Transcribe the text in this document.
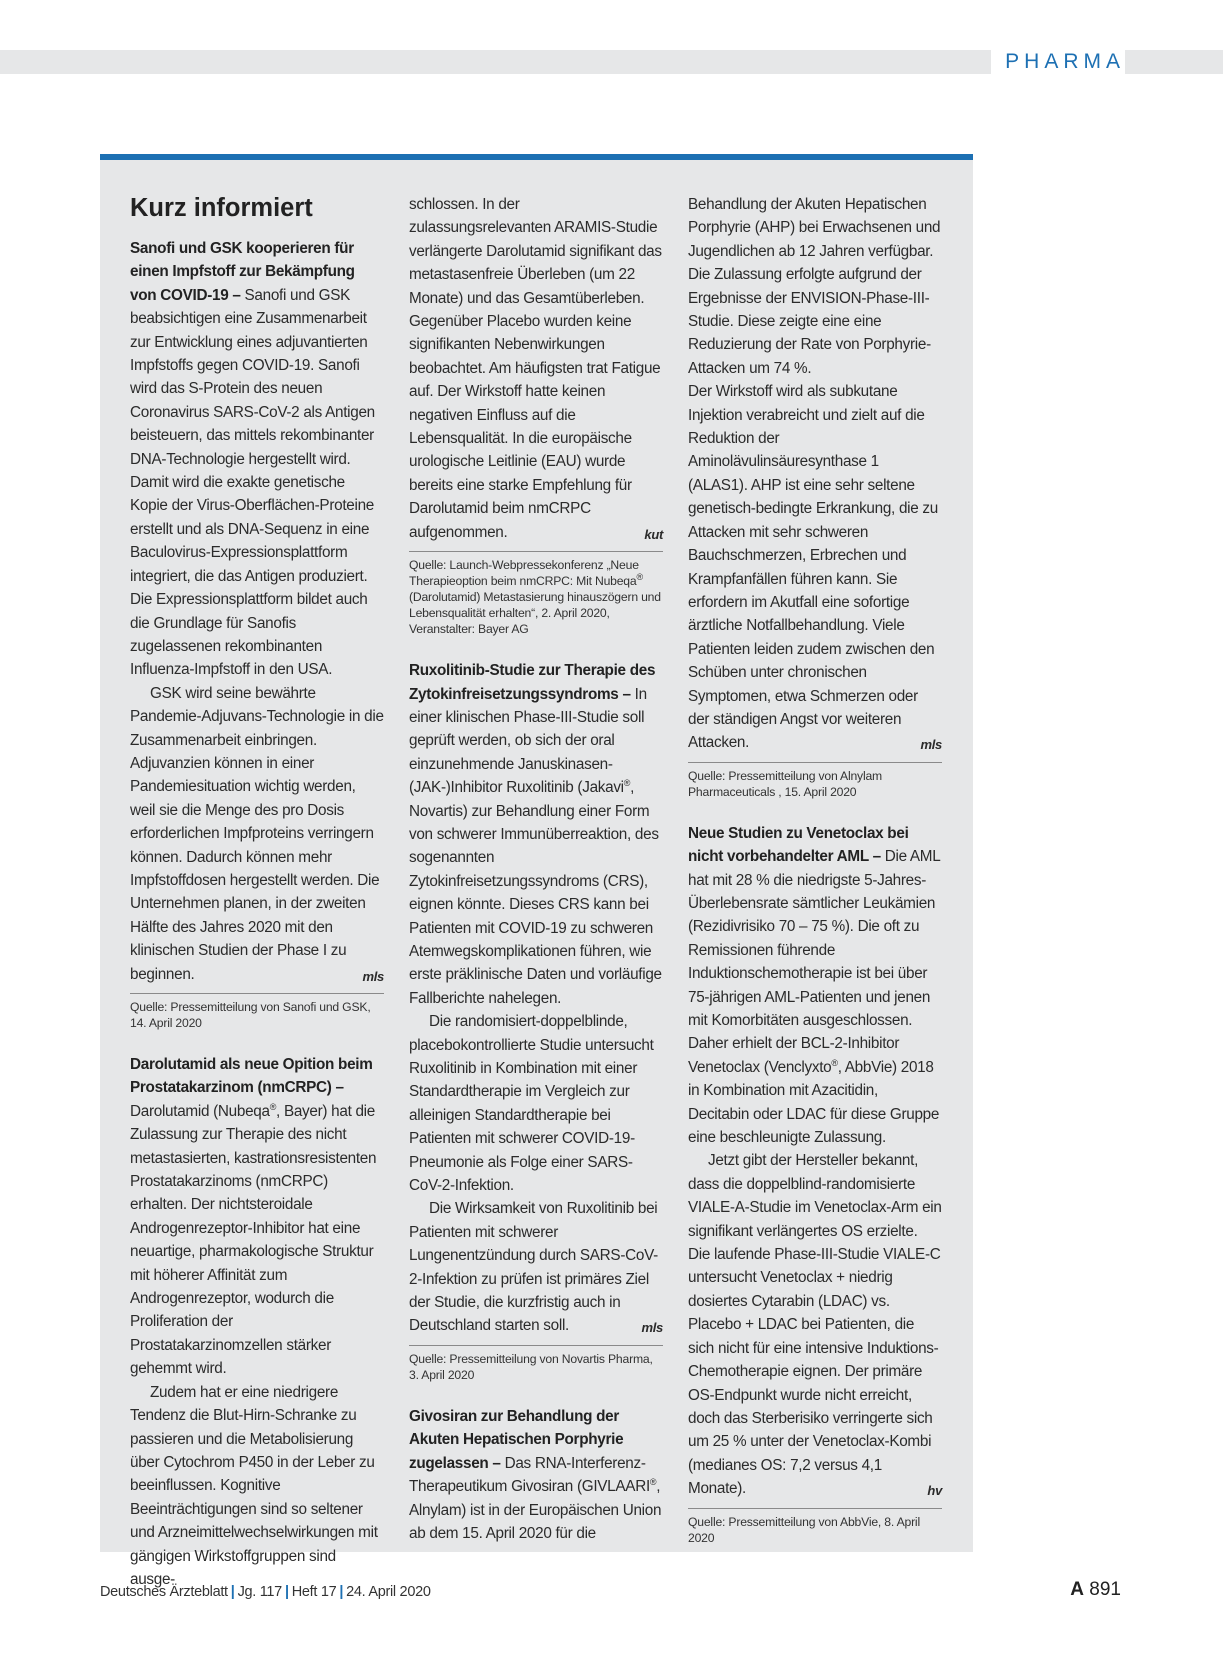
PHARMA
Kurz informiert

Sanofi und GSK kooperieren für einen Impfstoff zur Bekämpfung von COVID-19 – Sanofi und GSK beabsichtigen eine Zusammenarbeit zur Entwicklung eines adjuvantierten Impfstoffs gegen COVID-19. Sanofi wird das S-Protein des neuen Coronavirus SARS-CoV-2 als Antigen beisteuern, das mittels rekombinanter DNA-Technologie hergestellt wird. Damit wird die exakte genetische Kopie der Virus-Oberflächen-Proteine erstellt und als DNA-Sequenz in eine Baculovirus-Expressionsplattform integriert, die das Antigen produziert. Die Expressionsplattform bildet auch die Grundlage für Sanofis zugelassenen rekombinanten Influenza-Impfstoff in den USA.

GSK wird seine bewährte Pandemie-Adjuvans-Technologie in die Zusammenarbeit einbringen. Adjuvanzien können in einer Pandemiesituation wichtig werden, weil sie die Menge des pro Dosis erforderlichen Impfproteins verringern können. Dadurch können mehr Impfstoffdosen hergestellt werden. Die Unternehmen planen, in der zweiten Hälfte des Jahres 2020 mit den klinischen Studien der Phase I zu beginnen.	mls

Quelle: Pressemitteilung von Sanofi und GSK, 14. April 2020

Darolutamid als neue Opition beim Prostatakarzinom (nmCRPC) – Darolutamid (Nubeqa®, Bayer) hat die Zulassung zur Therapie des nicht metastasierten, kastrationsresistenten Prostatakarzinoms (nmCRPC) erhalten. Der nichtsteroidale Androgenrezeptor-Inhibitor hat eine neuartige, pharmakologische Struktur mit höherer Affinität zum Androgenrezeptor, wodurch die Proliferation der Prostatakarzinomzellen stärker gehemmt wird.

Zudem hat er eine niedrigere Tendenz die Blut-Hirn-Schranke zu passieren und die Metabolisierung über Cytochrom P450 in der Leber zu beeinflussen. Kognitive Beeinträchtigungen sind so seltener und Arzneimittelwechselwirkungen mit gängigen Wirkstoffgruppen sind ausge-

schlossen. In der zulassungsrelevanten ARAMIS-Studie verlängerte Darolutamid signifikant das metastasenfreie Überleben (um 22 Monate) und das Gesamtüberleben. Gegenüber Placebo wurden keine signifikanten Nebenwirkungen beobachtet. Am häufigsten trat Fatigue auf. Der Wirkstoff hatte keinen negativen Einfluss auf die Lebensqualität. In die europäische urologische Leitlinie (EAU) wurde bereits eine starke Empfehlung für Darolutamid beim nmCRPC aufgenommen.	kut

Quelle: Launch-Webpressekonferenz „Neue Therapieoption beim nmCRPC: Mit Nubeqa® (Darolutamid) Metastasierung hinauszögern und Lebensqualität erhalten“, 2. April 2020, Veranstalter: Bayer AG

Ruxolitinib-Studie zur Therapie des Zytokinfreisetzungssyndroms – In einer klinischen Phase-III-Studie soll geprüft werden, ob sich der oral einzunehmende Januskinasen-(JAK-)Inhibitor Ruxolitinib (Jakavi®, Novartis) zur Behandlung einer Form von schwerer Immunüberreaktion, des sogenannten Zytokinfreisetzungssyndroms (CRS), eignen könnte. Dieses CRS kann bei Patienten mit COVID-19 zu schweren Atemwegskomplikationen führen, wie erste präklinische Daten und vorläufige Fallberichte nahelegen.

Die randomisiert-doppelblinde, placebokontrollierte Studie untersucht Ruxolitinib in Kombination mit einer Standardtherapie im Vergleich zur alleinigen Standardtherapie bei Patienten mit schwerer COVID-19-Pneumonie als Folge einer SARS-CoV-2-Infektion.

Die Wirksamkeit von Ruxolitinib bei Patienten mit schwerer Lungenentzündung durch SARS-CoV-2-Infektion zu prüfen ist primäres Ziel der Studie, die kurzfristig auch in Deutschland starten soll.	mls

Quelle: Pressemitteilung von Novartis Pharma, 3. April 2020

Givosiran zur Behandlung der Akuten Hepatischen Porphyrie zugelassen – Das RNA-Interferenz-Therapeutikum Givosiran (GIVLAARI®, Alnylam) ist in der Europäischen Union ab dem 15. April 2020 für die

Behandlung der Akuten Hepatischen Porphyrie (AHP) bei Erwachsenen und Jugendlichen ab 12 Jahren verfügbar. Die Zulassung erfolgte aufgrund der Ergebnisse der ENVISION-Phase-III-Studie. Diese zeigte eine eine Reduzierung der Rate von Porphyrie-Attacken um 74 %.

Der Wirkstoff wird als subkutane Injektion verabreicht und zielt auf die Reduktion der Aminolävulinsäuresynthase 1 (ALAS1). AHP ist eine sehr seltene genetisch-bedingte Erkrankung, die zu Attacken mit sehr schweren Bauchschmerzen, Erbrechen und Krampfanfällen führen kann. Sie erfordern im Akutfall eine sofortige ärztliche Notfallbehandlung. Viele Patienten leiden zudem zwischen den Schüben unter chronischen Symptomen, etwa Schmerzen oder der ständigen Angst vor weiteren Attacken.	mls

Quelle: Pressemitteilung von Alnylam Pharmaceuticals , 15. April 2020

Neue Studien zu Venetoclax bei nicht vorbehandelter AML – Die AML hat mit 28 % die niedrigste 5-Jahres-Überlebensrate sämtlicher Leukämien (Rezidivrisiko 70 – 75 %). Die oft zu Remissionen führende Induktionschemotherapie ist bei über 75-jährigen AML-Patienten und jenen mit Komorbitäten ausgeschlossen. Daher erhielt der BCL-2-Inhibitor Venetoclax (Venclyxto®, AbbVie) 2018 in Kombination mit Azacitidin, Decitabin oder LDAC für diese Gruppe eine beschleunigte Zulassung.

Jetzt gibt der Hersteller bekannt, dass die doppelblind-randomisierte VIALE-A-Studie im Venetoclax-Arm ein signifikant verlängertes OS erzielte. Die laufende Phase-III-Studie VIALE-C untersucht Venetoclax + niedrig dosiertes Cytarabin (LDAC) vs. Placebo + LDAC bei Patienten, die sich nicht für eine intensive Induktions-Chemotherapie eignen. Der primäre OS-Endpunkt wurde nicht erreicht, doch das Sterberisiko verringerte sich um 25 % unter der Venetoclax-Kombi (medianes OS: 7,2 versus 4,1 Monate).	hv

Quelle: Pressemitteilung von AbbVie, 8. April 2020
Deutsches Ärzteblatt | Jg. 117 | Heft 17 | 24. April 2020	A 891
